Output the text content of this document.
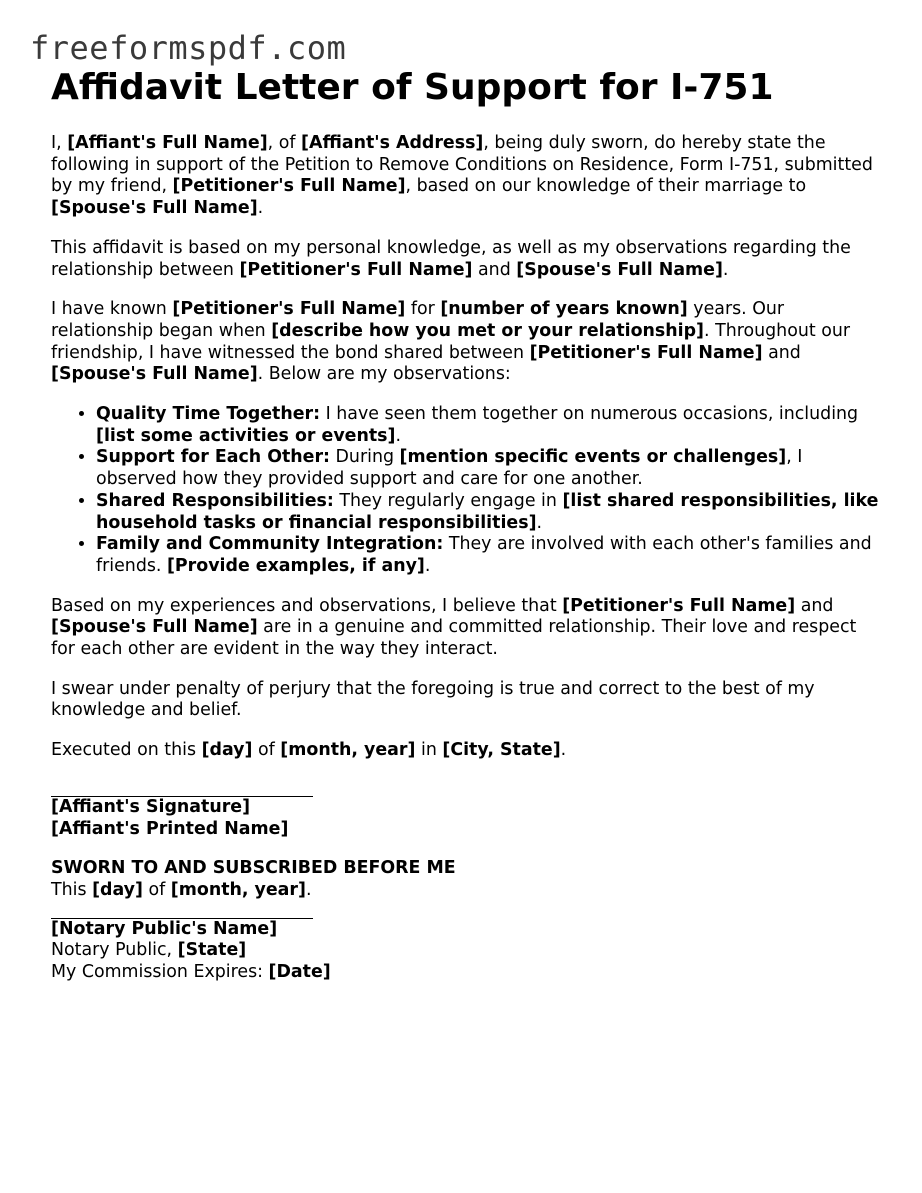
freeformspdf.com
Affidavit Letter of Support for I-751

I, [Affiant's Full Name], of [Affiant's Address], being duly sworn, do hereby state the following in support of the Petition to Remove Conditions on Residence, Form I-751, submitted by my friend, [Petitioner's Full Name], based on our knowledge of their marriage to [Spouse's Full Name].

This affidavit is based on my personal knowledge, as well as my observations regarding the relationship between [Petitioner's Full Name] and [Spouse's Full Name].

I have known [Petitioner's Full Name] for [number of years known] years. Our relationship began when [describe how you met or your relationship]. Throughout our friendship, I have witnessed the bond shared between [Petitioner's Full Name] and [Spouse's Full Name]. Below are my observations:

• Quality Time Together: I have seen them together on numerous occasions, including [list some activities or events].
• Support for Each Other: During [mention specific events or challenges], I observed how they provided support and care for one another.
• Shared Responsibilities: They regularly engage in [list shared responsibilities, like household tasks or financial responsibilities].
• Family and Community Integration: They are involved with each other's families and friends. [Provide examples, if any].

Based on my experiences and observations, I believe that [Petitioner's Full Name] and [Spouse's Full Name] are in a genuine and committed relationship. Their love and respect for each other are evident in the way they interact.

I swear under penalty of perjury that the foregoing is true and correct to the best of my knowledge and belief.

Executed on this [day] of [month, year] in [City, State].

[Affiant's Signature]
[Affiant's Printed Name]
SWORN TO AND SUBSCRIBED BEFORE ME
This [day] of [month, year].
[Notary Public's Name]
Notary Public, [State]
My Commission Expires: [Date]
